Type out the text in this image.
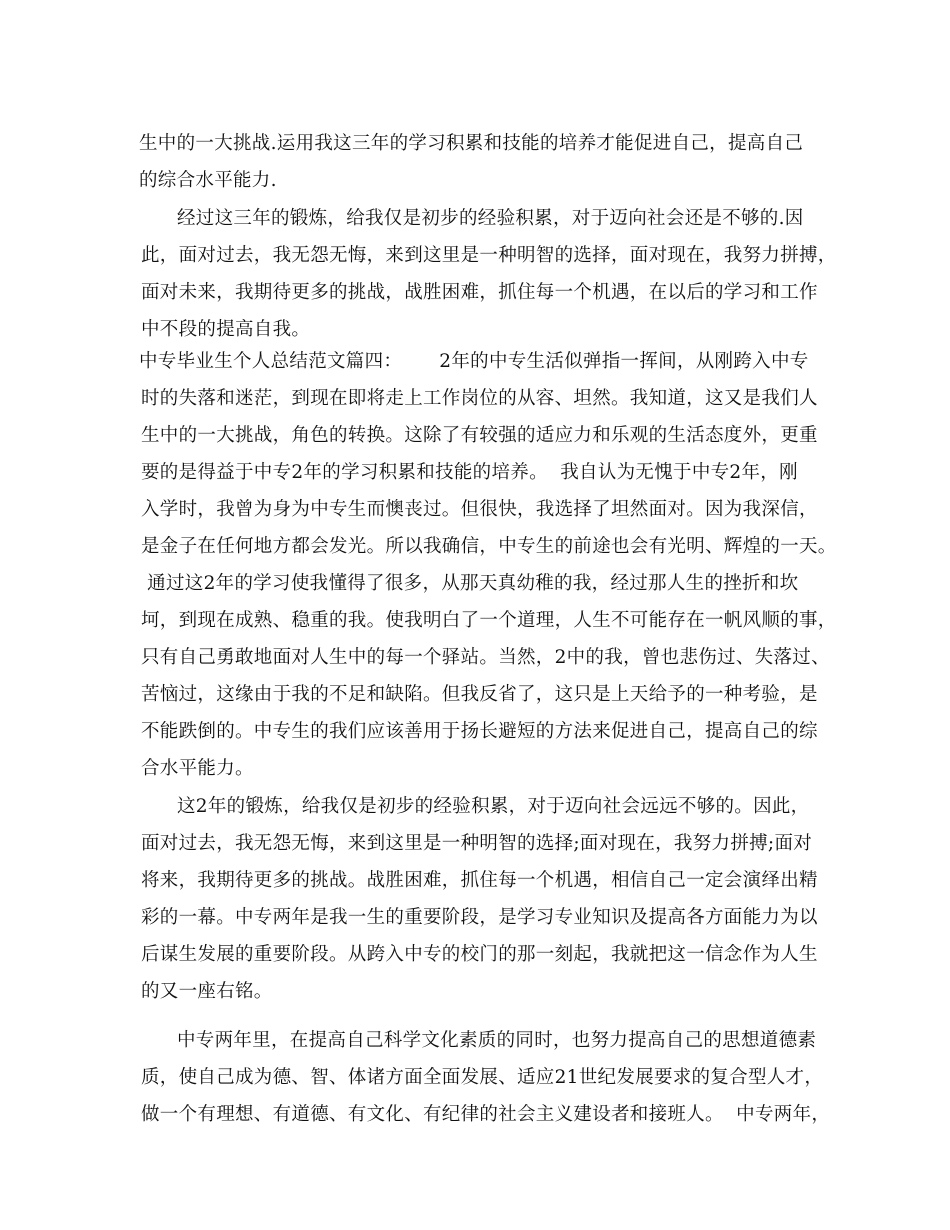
生中的一大挑战.运用我这三年的学习积累和技能的培养才能促进自己，提高自己
的综合水平能力.
经过这三年的锻炼，给我仅是初步的经验积累，对于迈向社会还是不够的.因
此，面对过去，我无怨无悔，来到这里是一种明智的选择，面对现在，我努力拼搏，
面对未来，我期待更多的挑战，战胜困难，抓住每一个机遇，在以后的学习和工作
中不段的提高自我。
中专毕业生个人总结范文篇四：      2年的中专生活似弹指一挥间，从刚跨入中专
时的失落和迷茫，到现在即将走上工作岗位的从容、坦然。我知道，这又是我们人
生中的一大挑战，角色的转换。这除了有较强的适应力和乐观的生活态度外，更重
要的是得益于中专2年的学习积累和技能的培养。  我自认为无愧于中专2年，刚
入学时，我曾为身为中专生而懊丧过。但很快，我选择了坦然面对。因为我深信，
是金子在任何地方都会发光。所以我确信，中专生的前途也会有光明、辉煌的一天。
通过这2年的学习使我懂得了很多，从那天真幼稚的我，经过那人生的挫折和坎
坷，到现在成熟、稳重的我。使我明白了一个道理，人生不可能存在一帆风顺的事，
只有自己勇敢地面对人生中的每一个驿站。当然，2中的我，曾也悲伤过、失落过、
苦恼过，这缘由于我的不足和缺陷。但我反省了，这只是上天给予的一种考验，是
不能跌倒的。中专生的我们应该善用于扬长避短的方法来促进自己，提高自己的综
合水平能力。
这2年的锻炼，给我仅是初步的经验积累，对于迈向社会远远不够的。因此，
面对过去，我无怨无悔，来到这里是一种明智的选择;面对现在，我努力拼搏;面对
将来，我期待更多的挑战。战胜困难，抓住每一个机遇，相信自己一定会演绎出精
彩的一幕。中专两年是我一生的重要阶段，是学习专业知识及提高各方面能力为以
后谋生发展的重要阶段。从跨入中专的校门的那一刻起，我就把这一信念作为人生
的又一座右铭。
中专两年里，在提高自己科学文化素质的同时，也努力提高自己的思想道德素
质，使自己成为德、智、体诸方面全面发展、适应21世纪发展要求的复合型人才，
做一个有理想、有道德、有文化、有纪律的社会主义建设者和接班人。  中专两年，
